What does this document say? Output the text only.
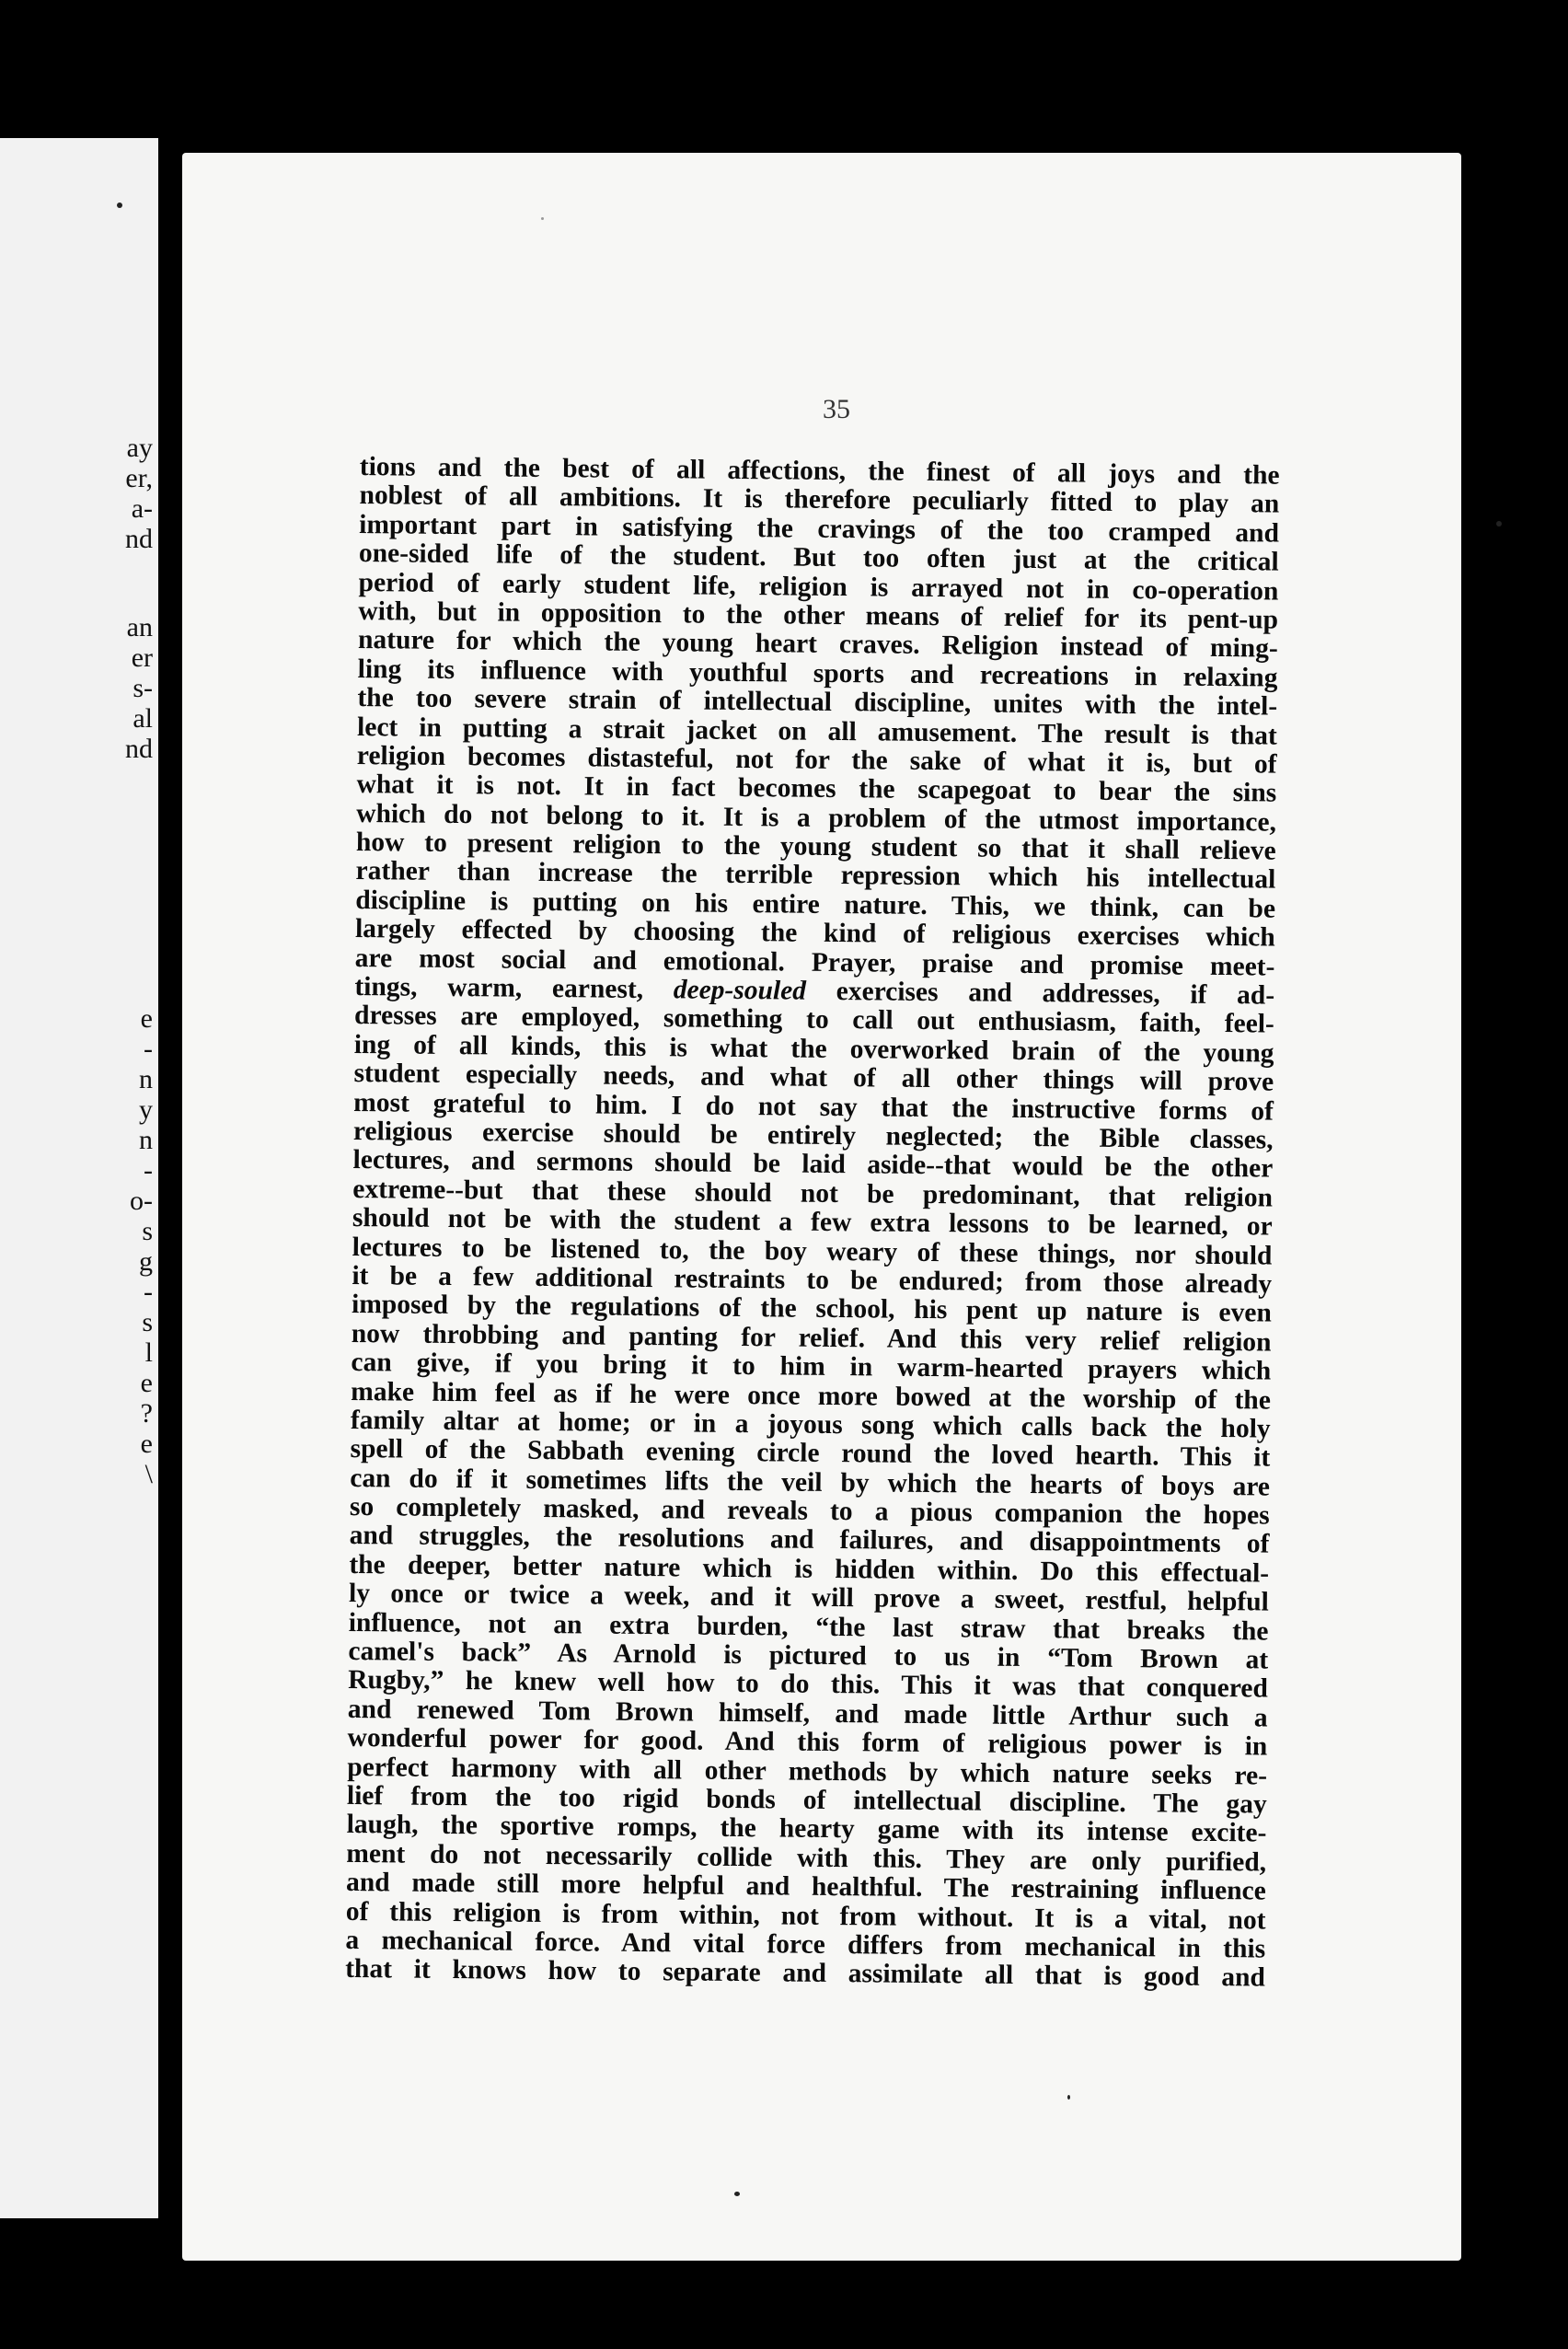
ay
er,
a-
nd
an
er
s-
al
nd
e
-
n
y
n
-
o-
s
g
-
s
l
e
?
e
\
35
tions and the best of all affections, the finest of all joys and the
noblest of all ambitions. It is therefore peculiarly fitted to play an
important part in satisfying the cravings of the too cramped and
one-sided life of the student. But too often just at the critical
period of early student life, religion is arrayed not in co-operation
with, but in opposition to the other means of relief for its pent-up
nature for which the young heart craves. Religion instead of ming-
ling its influence with youthful sports and recreations in relaxing
the too severe strain of intellectual discipline, unites with the intel-
lect in putting a strait jacket on all amusement. The result is that
religion becomes distasteful, not for the sake of what it is, but of
what it is not. It in fact becomes the scapegoat to bear the sins
which do not belong to it. It is a problem of the utmost importance,
how to present religion to the young student so that it shall relieve
rather than increase the terrible repression which his intellectual
discipline is putting on his entire nature. This, we think, can be
largely effected by choosing the kind of religious exercises which
are most social and emotional. Prayer, praise and promise meet-
tings, warm, earnest, deep-souled exercises and addresses, if ad-
dresses are employed, something to call out enthusiasm, faith, feel-
ing of all kinds, this is what the overworked brain of the young
student especially needs, and what of all other things will prove
most grateful to him. I do not say that the instructive forms of
religious exercise should be entirely neglected; the Bible classes,
lectures, and sermons should be laid aside--that would be the other
extreme--but that these should not be predominant, that religion
should not be with the student a few extra lessons to be learned, or
lectures to be listened to, the boy weary of these things, nor should
it be a few additional restraints to be endured; from those already
imposed by the regulations of the school, his pent up nature is even
now throbbing and panting for relief. And this very relief religion
can give, if you bring it to him in warm-hearted prayers which
make him feel as if he were once more bowed at the worship of the
family altar at home; or in a joyous song which calls back the holy
spell of the Sabbath evening circle round the loved hearth. This it
can do if it sometimes lifts the veil by which the hearts of boys are
so completely masked, and reveals to a pious companion the hopes
and struggles, the resolutions and failures, and disappointments of
the deeper, better nature which is hidden within. Do this effectual-
ly once or twice a week, and it will prove a sweet, restful, helpful
influence, not an extra burden, “the last straw that breaks the
camel's back” As Arnold is pictured to us in “Tom Brown at
Rugby,” he knew well how to do this. This it was that conquered
and renewed Tom Brown himself, and made little Arthur such a
wonderful power for good. And this form of religious power is in
perfect harmony with all other methods by which nature seeks re-
lief from the too rigid bonds of intellectual discipline. The gay
laugh, the sportive romps, the hearty game with its intense excite-
ment do not necessarily collide with this. They are only purified,
and made still more helpful and healthful. The restraining influence
of this religion is from within, not from without. It is a vital, not
a mechanical force. And vital force differs from mechanical in this
that it knows how to separate and assimilate all that is good and
